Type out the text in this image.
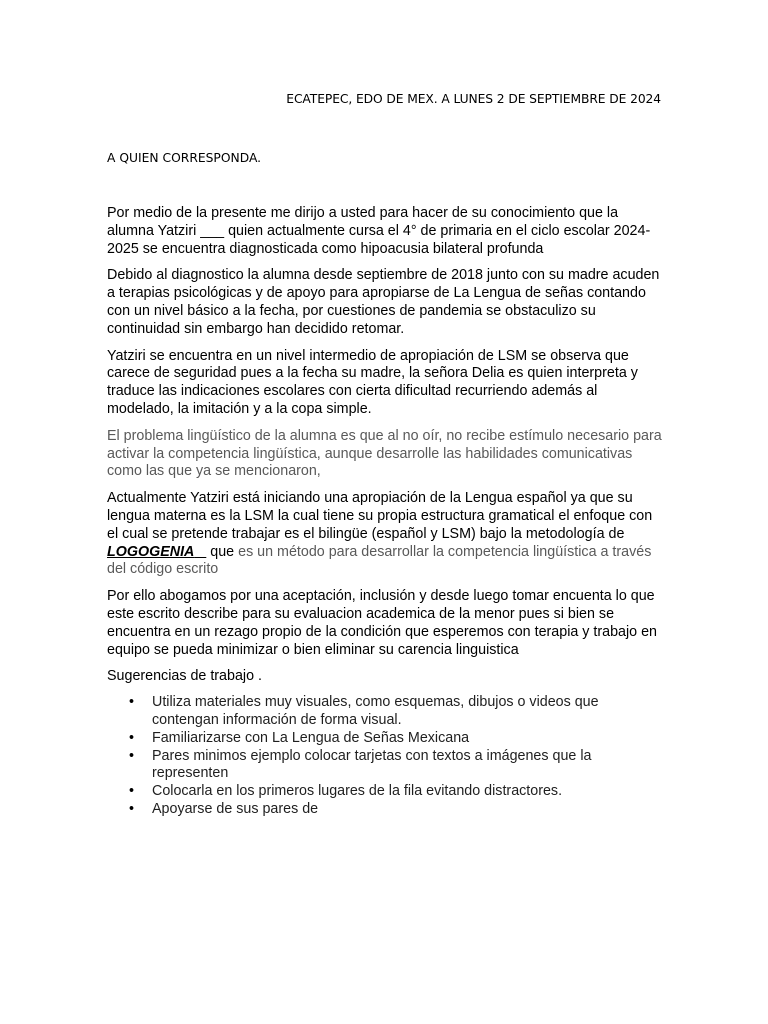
ECATEPEC, EDO DE MEX. A LUNES 2 DE SEPTIEMBRE DE 2024
A QUIEN CORRESPONDA.

Por medio de la presente me dirijo a usted para hacer de su conocimiento que la alumna Yatziri ___ quien actualmente cursa el 4° de primaria en el ciclo escolar 2024-2025 se encuentra diagnosticada como hipoacusia bilateral profunda

Debido al diagnostico la alumna desde septiembre de 2018 junto con su madre acuden a terapias psicológicas y de apoyo para apropiarse de La Lengua de señas contando con un nivel básico a la fecha, por cuestiones de pandemia se obstaculizo su continuidad sin embargo han decidido retomar.

Yatziri se encuentra en un nivel intermedio de apropiación de LSM se observa que carece de seguridad pues a la fecha su madre, la señora Delia es quien interpreta y traduce las indicaciones escolares con cierta dificultad recurriendo además al modelado, la imitación y a la copa simple.

El problema lingüístico de la alumna es que al no oír, no recibe estímulo necesario para activar la competencia lingüística, aunque desarrolle las habilidades comunicativas como las que ya se mencionaron,

Actualmente Yatziri está iniciando una apropiación de la Lengua español ya que su lengua materna es la LSM la cual tiene su propia estructura gramatical el enfoque con el cual se pretende trabajar es el bilingüe (español y LSM) bajo la metodología de LOGOGENIA que es un método para desarrollar la competencia lingüística a través del código escrito

Por ello abogamos por una aceptación, inclusión y desde luego tomar encuenta lo que este escrito describe para su evaluacion academica de la menor pues si bien se encuentra en un rezago propio de la condición que esperemos con terapia y trabajo en equipo se pueda minimizar o bien eliminar su carencia linguistica

Sugerencias de trabajo .

• Utiliza materiales muy visuales, como esquemas, dibujos o videos que contengan información de forma visual.
• Familiarizarse con La Lengua de Señas Mexicana
• Pares minimos ejemplo colocar tarjetas con textos a imágenes que la representen
• Colocarla en los primeros lugares de la fila evitando distractores.
• Apoyarse de sus pares de
